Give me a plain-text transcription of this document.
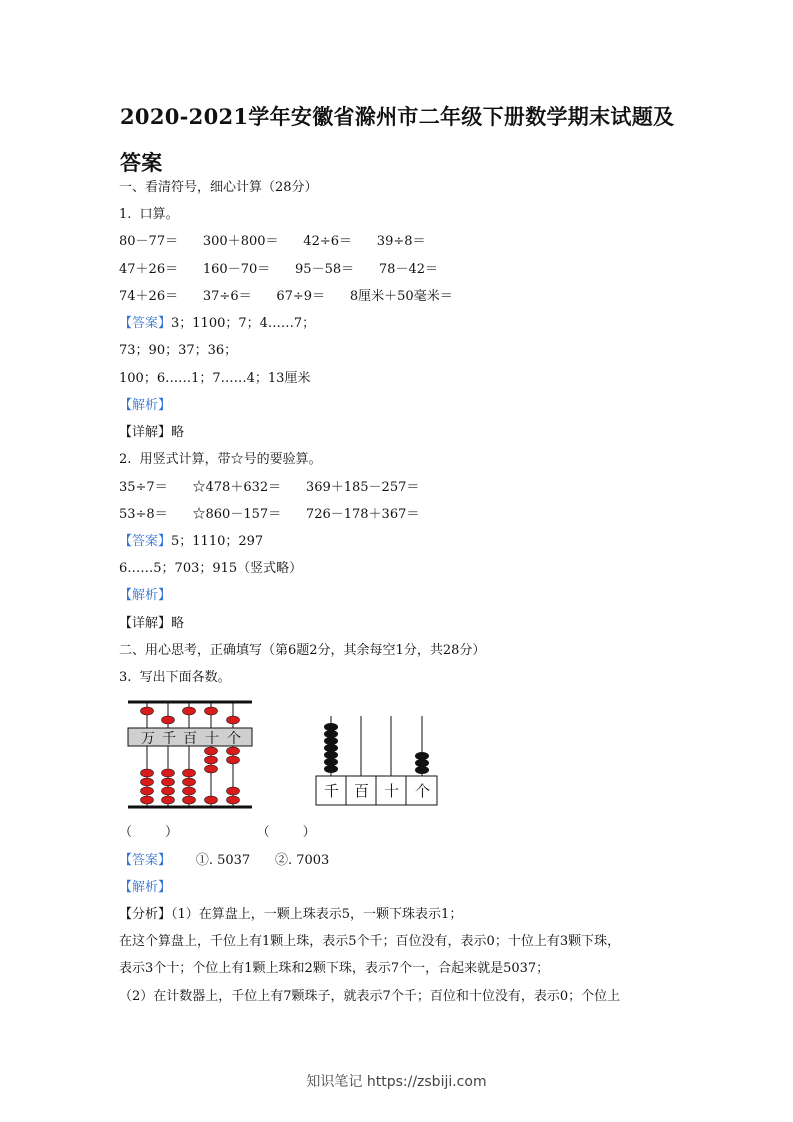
2020-2021学年安徽省滁州市二年级下册数学期末试题及答案
一、看清符号，细心计算（28分）
1.  口算。
80－77＝      300＋800＝      42÷6＝      39÷8＝
47＋26＝      160－70＝      95－58＝      78－42＝
74＋26＝      37÷6＝      67÷9＝      8厘米＋50毫米＝
【答案】3；1100；7；4……7；
73；90；37；36；
100；6……1；7……4；13厘米
【解析】
【详解】略
2.  用竖式计算，带☆号的要验算。
35÷7＝      ☆478＋632＝      369＋185－257＝
53÷8＝      ☆860－157＝      726－178＋367＝
【答案】5；1110；297
6……5；703；915（竖式略）
【解析】
【详解】略
二、用心思考，正确填写（第6题2分，其余每空1分，共28分）
3.  写出下面各数。
万 千 百 十 个
千 百 十 个
（        ）                   （        ）
【答案】 ①. 5037      ②. 7003
【解析】
【分析】（1）在算盘上，一颗上珠表示5，一颗下珠表示1；
在这个算盘上，千位上有1颗上珠，表示5个千；百位没有，表示0；十位上有3颗下珠，
表示3个十；个位上有1颗上珠和2颗下珠，表示7个一，合起来就是5037；
（2）在计数器上，千位上有7颗珠子，就表示7个千；百位和十位没有，表示0；个位上
知识笔记 https://zsbiji.com
